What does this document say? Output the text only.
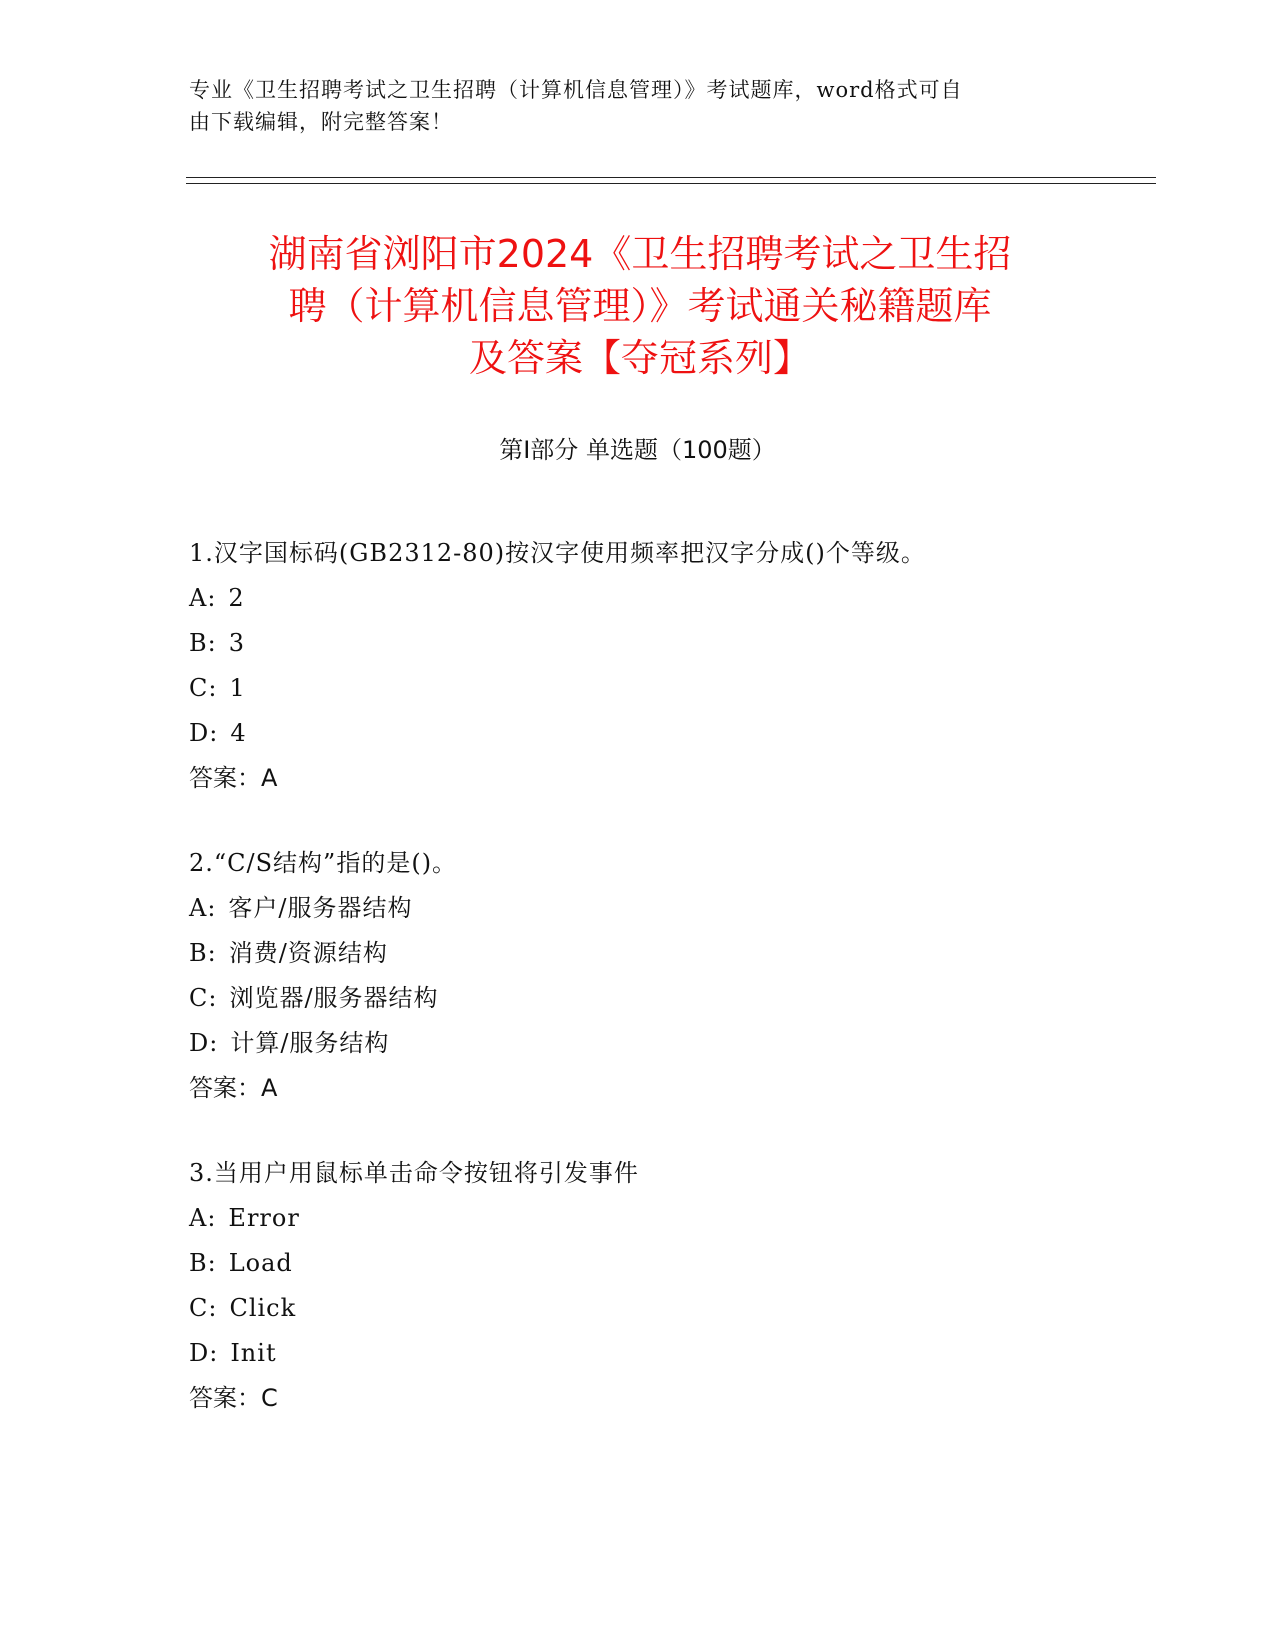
专业《卫生招聘考试之卫生招聘（计算机信息管理）》考试题库，word格式可自
由下载编辑，附完整答案！
湖南省浏阳市2024《卫生招聘考试之卫生招
聘（计算机信息管理）》考试通关秘籍题库
及答案【夺冠系列】
第I部分 单选题（100题）
1.汉字国标码(GB2312-80)按汉字使用频率把汉字分成()个等级。
A: 2
B: 3
C: 1
D: 4
答案：A
2.“C/S结构”指的是()。
A: 客户/服务器结构
B: 消费/资源结构
C: 浏览器/服务器结构
D: 计算/服务结构
答案：A
3.当用户用鼠标单击命令按钮将引发事件
A: Error
B: Load
C: Click
D: Init
答案：C
